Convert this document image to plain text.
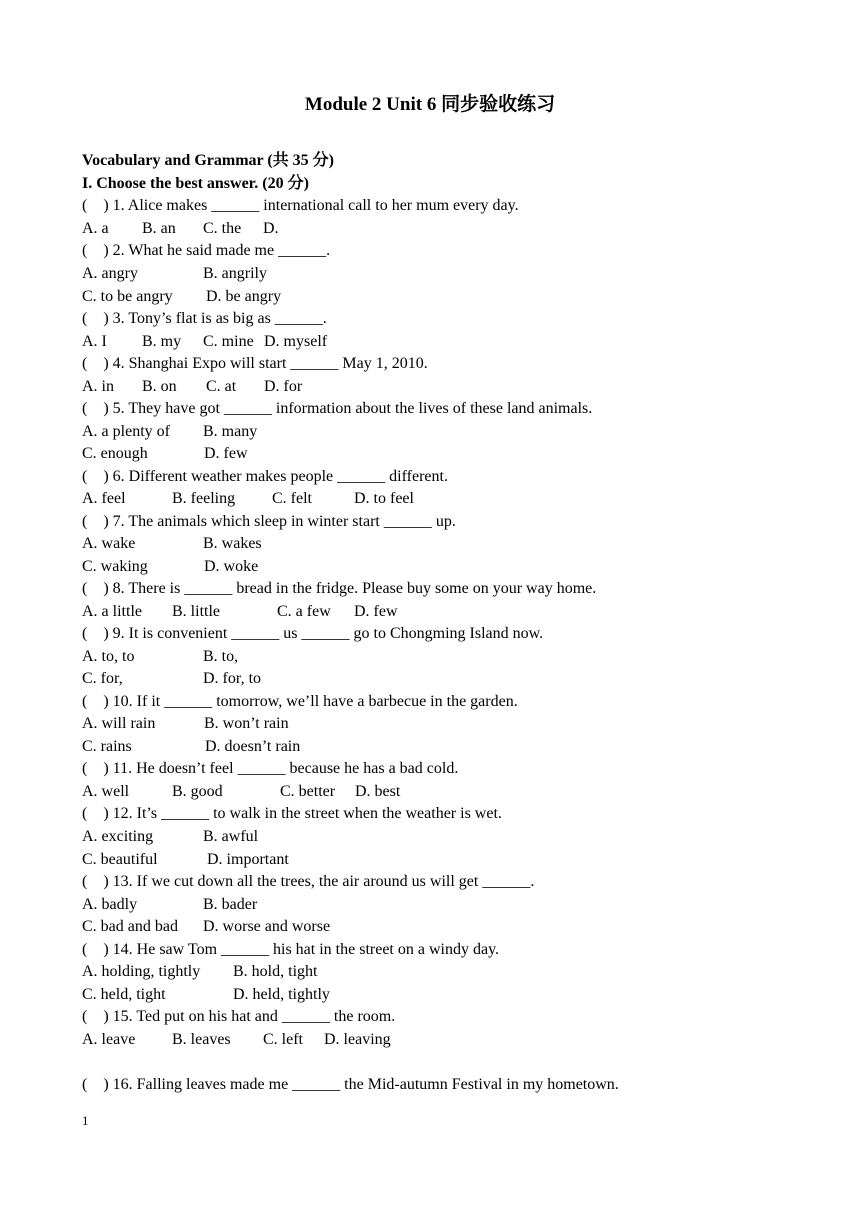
Module 2 Unit 6 同步验收练习
Vocabulary and Grammar (共 35 分)
I. Choose the best answer. (20 分)
(    ) 1. Alice makes ______ international call to her mum every day.

A. a

B. an

C. the

D.

(    ) 2. What he said made me ______.

A. angry

	B. angrily

C. to be angry

D. be angry

(    ) 3. Tony’s flat is as big as ______.

A. I

B. my

C. mine

D. myself

(    ) 4. Shanghai Expo will start ______ May 1, 2010.

A. in

B. on

C. at

D. for

(    ) 5. They have got ______ information about the lives of these land animals.

A. a plenty of

B. many

C. enough

	D. few

(    ) 6. Different weather makes people ______ different.

A. feel

	B. feeling

C. felt

	D. to feel

(    ) 7. The animals which sleep in winter start ______ up.

A. wake

	B. wakes

C. waking

	D. woke

(    ) 8. There is ______ bread in the fridge. Please buy some on your way home.

A. a little

B. little

	C. a few

D. few

(    ) 9. It is convenient ______ us ______ go to Chongming Island now.

A. to, to

	B. to,

C. for,

	D. for, to

(    ) 10. If it ______ tomorrow, we’ll have a barbecue in the garden.

A. will rain

	B. won’t rain

C. rains

	D. doesn’t rain

(    ) 11. He doesn’t feel ______ because he has a bad cold.

A. well

	B. good

	C. better

D. best

(    ) 12. It’s ______ to walk in the street when the weather is wet.

A. exciting

	B. awful

C. beautiful

	D. important

(    ) 13. If we cut down all the trees, the air around us will get ______.

A. badly

	B. bader

C. bad and bad

D. worse and worse

(    ) 14. He saw Tom ______ his hat in the street on a windy day.

A. holding, tightly

B. hold, tight

C. held, tight

	D. held, tightly

(    ) 15. Ted put on his hat and ______ the room.

A. leave

B. leaves

C. left

D. leaving

(    ) 16. Falling leaves made me ______ the Mid-autumn Festival in my hometown.
1
